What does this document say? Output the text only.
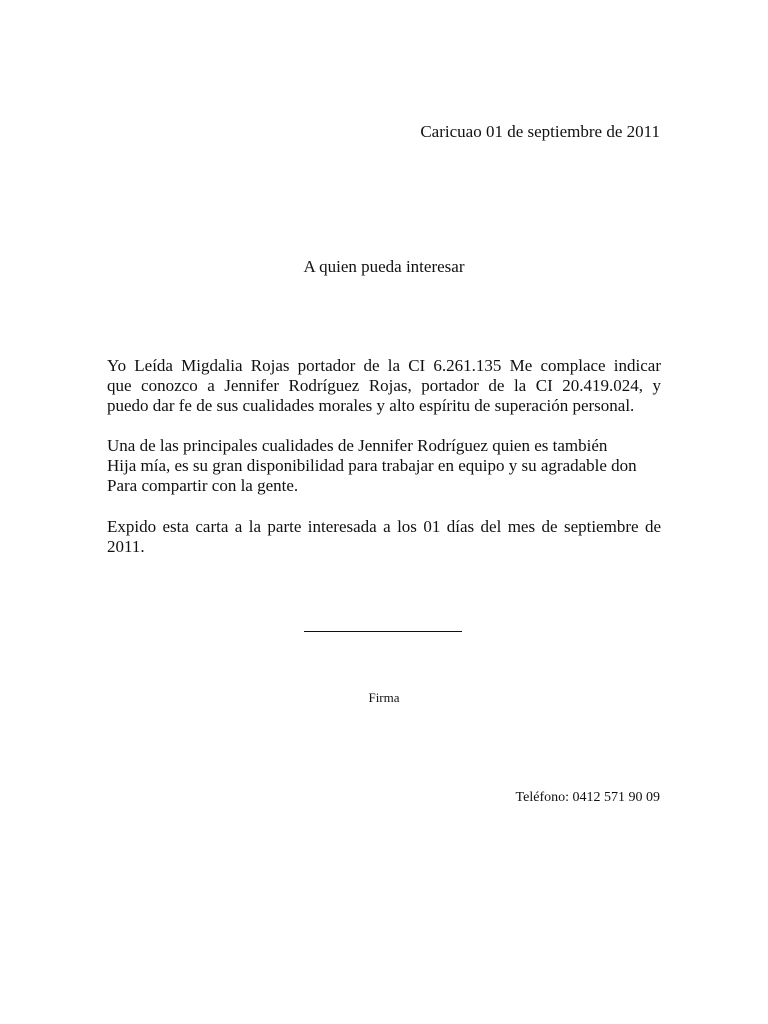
Caricuao 01 de septiembre de 2011
A quien pueda interesar
Yo Leída Migdalia Rojas portador de la CI 6.261.135 Me complace indicar
que conozco a Jennifer Rodríguez Rojas, portador de la CI 20.419.024, y
puedo dar fe de sus cualidades morales y alto espíritu de superación personal.
Una de las principales cualidades de Jennifer Rodríguez quien es también
Hija mía, es su gran disponibilidad para trabajar en equipo y su agradable don
Para compartir con la gente.
Expido esta carta a la parte interesada a los 01 días del mes de septiembre de
2011.
Firma
Teléfono: 0412 571 90 09
